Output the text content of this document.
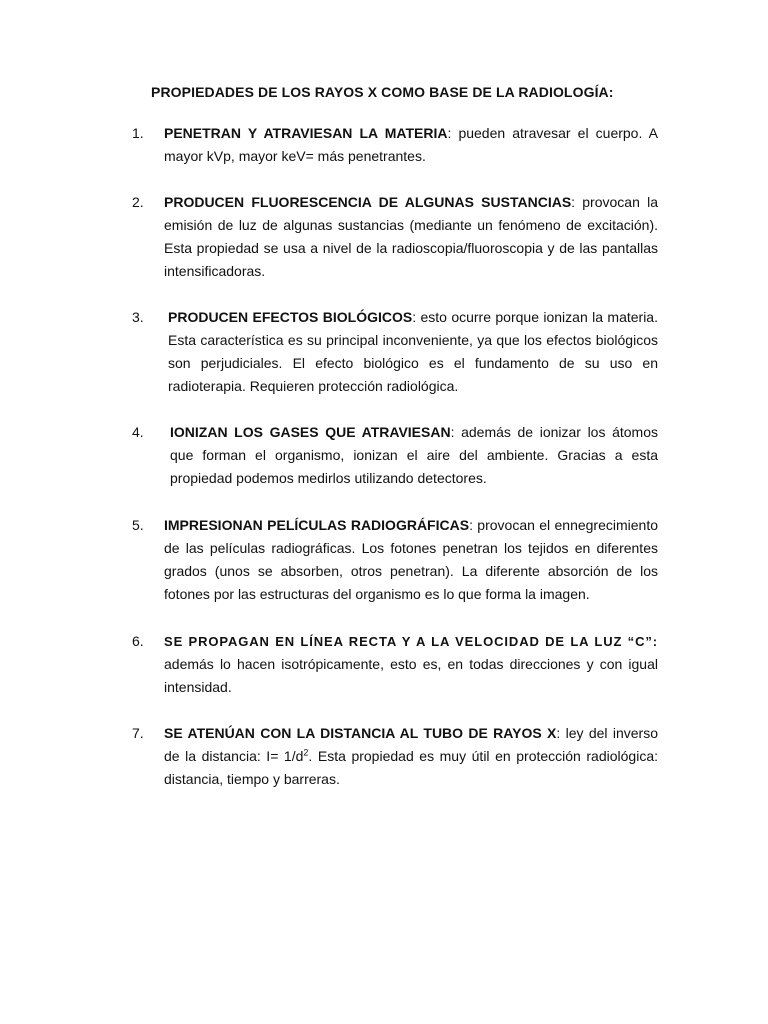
PROPIEDADES DE LOS RAYOS X COMO BASE DE LA RADIOLOGÍA:
1.	PENETRAN Y ATRAVIESAN LA MATERIA: pueden atravesar el cuerpo. A mayor kVp, mayor keV= más penetrantes.
2.	PRODUCEN FLUORESCENCIA DE ALGUNAS SUSTANCIAS: provocan la emisión de luz de algunas sustancias (mediante un fenómeno de excitación). Esta propiedad se usa a nivel de la radioscopia/fluoroscopia y de las pantallas intensificadoras.
3.	PRODUCEN EFECTOS BIOLÓGICOS: esto ocurre porque ionizan la materia. Esta característica es su principal inconveniente, ya que los efectos biológicos son perjudiciales. El efecto biológico es el fundamento de su uso en radioterapia. Requieren protección radiológica.
4.	IONIZAN LOS GASES QUE ATRAVIESAN: además de ionizar los átomos que forman el organismo, ionizan el aire del ambiente. Gracias a esta propiedad podemos medirlos utilizando detectores.
5.	IMPRESIONAN PELÍCULAS RADIOGRÁFICAS: provocan el ennegrecimiento de las películas radiográficas. Los fotones penetran los tejidos en diferentes grados (unos se absorben, otros penetran). La diferente absorción de los fotones por las estructuras del organismo es lo que forma la imagen.
6.	SE PROPAGAN EN LÍNEA RECTA Y A LA VELOCIDAD DE LA LUZ “C”: además lo hacen isotrópicamente, esto es, en todas direcciones y con igual intensidad.
7.	SE ATENÚAN CON LA DISTANCIA AL TUBO DE RAYOS X: ley del inverso de la distancia: $I= 1/d^2$. Esta propiedad es muy útil en protección radiológica: distancia, tiempo y barreras.
